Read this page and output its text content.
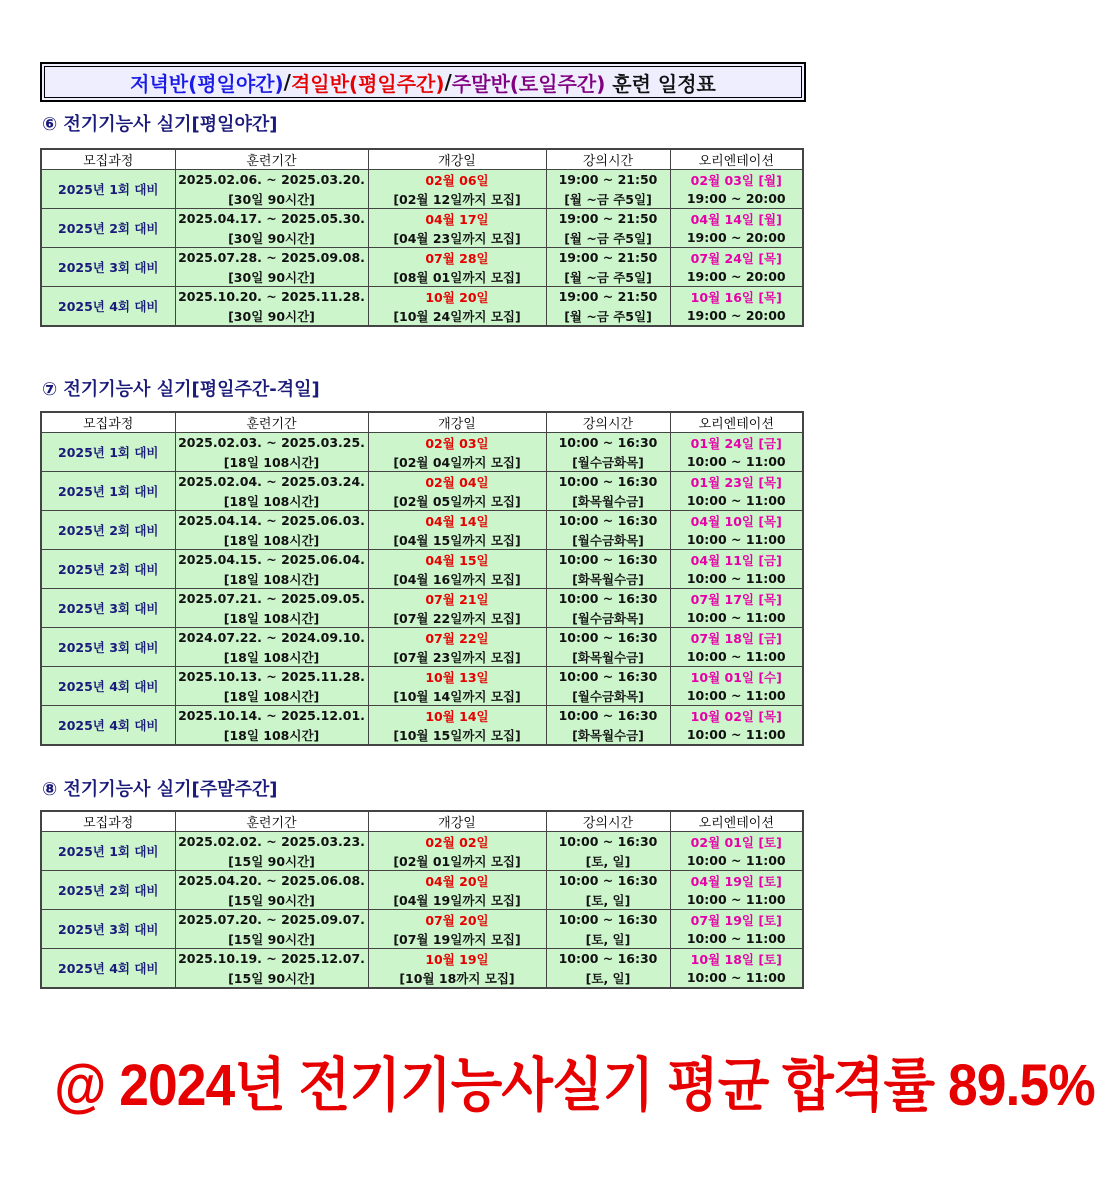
저녁반(평일야간) / 격일반(평일주간) / 주말반(토일주간) 훈련 일정표
⑥ 전기기능사 실기[평일야간]
모집과정	훈련기간	개강일	강의시간	오리엔테이션
2025년 1회 대비	2025.02.06. ~ 2025.03.20.	02월 06일	19:00 ~ 21:50	02월 03일 [월]
	[30일 90시간]	[02월 12일까지 모집]	[월 ~금 주5일]	19:00 ~ 20:00
2025년 2회 대비	2025.04.17. ~ 2025.05.30.	04월 17일	19:00 ~ 21:50	04월 14일 [월]
	[30일 90시간]	[04월 23일까지 모집]	[월 ~금 주5일]	19:00 ~ 20:00
2025년 3회 대비	2025.07.28. ~ 2025.09.08.	07월 28일	19:00 ~ 21:50	07월 24일 [목]
	[30일 90시간]	[08월 01일까지 모집]	[월 ~금 주5일]	19:00 ~ 20:00
2025년 4회 대비	2025.10.20. ~ 2025.11.28.	10월 20일	19:00 ~ 21:50	10월 16일 [목]
	[30일 90시간]	[10월 24일까지 모집]	[월 ~금 주5일]	19:00 ~ 20:00
⑦ 전기기능사 실기[평일주간-격일]
모집과정	훈련기간	개강일	강의시간	오리엔테이션
2025년 1회 대비	2025.02.03. ~ 2025.03.25.	02월 03일	10:00 ~ 16:30	01월 24일 [금]
	[18일 108시간]	[02월 04일까지 모집]	[월수금화목]	10:00 ~ 11:00
2025년 1회 대비	2025.02.04. ~ 2025.03.24.	02월 04일	10:00 ~ 16:30	01월 23일 [목]
	[18일 108시간]	[02월 05일까지 모집]	[화목월수금]	10:00 ~ 11:00
2025년 2회 대비	2025.04.14. ~ 2025.06.03.	04월 14일	10:00 ~ 16:30	04월 10일 [목]
	[18일 108시간]	[04월 15일까지 모집]	[월수금화목]	10:00 ~ 11:00
2025년 2회 대비	2025.04.15. ~ 2025.06.04.	04월 15일	10:00 ~ 16:30	04월 11일 [금]
	[18일 108시간]	[04월 16일까지 모집]	[화목월수금]	10:00 ~ 11:00
2025년 3회 대비	2025.07.21. ~ 2025.09.05.	07월 21일	10:00 ~ 16:30	07월 17일 [목]
	[18일 108시간]	[07월 22일까지 모집]	[월수금화목]	10:00 ~ 11:00
2025년 3회 대비	2024.07.22. ~ 2024.09.10.	07월 22일	10:00 ~ 16:30	07월 18일 [금]
	[18일 108시간]	[07월 23일까지 모집]	[화목월수금]	10:00 ~ 11:00
2025년 4회 대비	2025.10.13. ~ 2025.11.28.	10월 13일	10:00 ~ 16:30	10월 01일 [수]
	[18일 108시간]	[10월 14일까지 모집]	[월수금화목]	10:00 ~ 11:00
2025년 4회 대비	2025.10.14. ~ 2025.12.01.	10월 14일	10:00 ~ 16:30	10월 02일 [목]
	[18일 108시간]	[10월 15일까지 모집]	[화목월수금]	10:00 ~ 11:00
⑧ 전기기능사 실기[주말주간]
모집과정	훈련기간	개강일	강의시간	오리엔테이션
2025년 1회 대비	2025.02.02. ~ 2025.03.23.	02월 02일	10:00 ~ 16:30	02월 01일 [토]
	[15일 90시간]	[02월 01일까지 모집]	[토, 일]	10:00 ~ 11:00
2025년 2회 대비	2025.04.20. ~ 2025.06.08.	04월 20일	10:00 ~ 16:30	04월 19일 [토]
	[15일 90시간]	[04월 19일까지 모집]	[토, 일]	10:00 ~ 11:00
2025년 3회 대비	2025.07.20. ~ 2025.09.07.	07월 20일	10:00 ~ 16:30	07월 19일 [토]
	[15일 90시간]	[07월 19일까지 모집]	[토, 일]	10:00 ~ 11:00
2025년 4회 대비	2025.10.19. ~ 2025.12.07.	10월 19일	10:00 ~ 16:30	10월 18일 [토]
	[15일 90시간]	[10월 18까지 모집]	[토, 일]	10:00 ~ 11:00
@ 2024년 전기기능사실기 평균 합격률 89.5%
